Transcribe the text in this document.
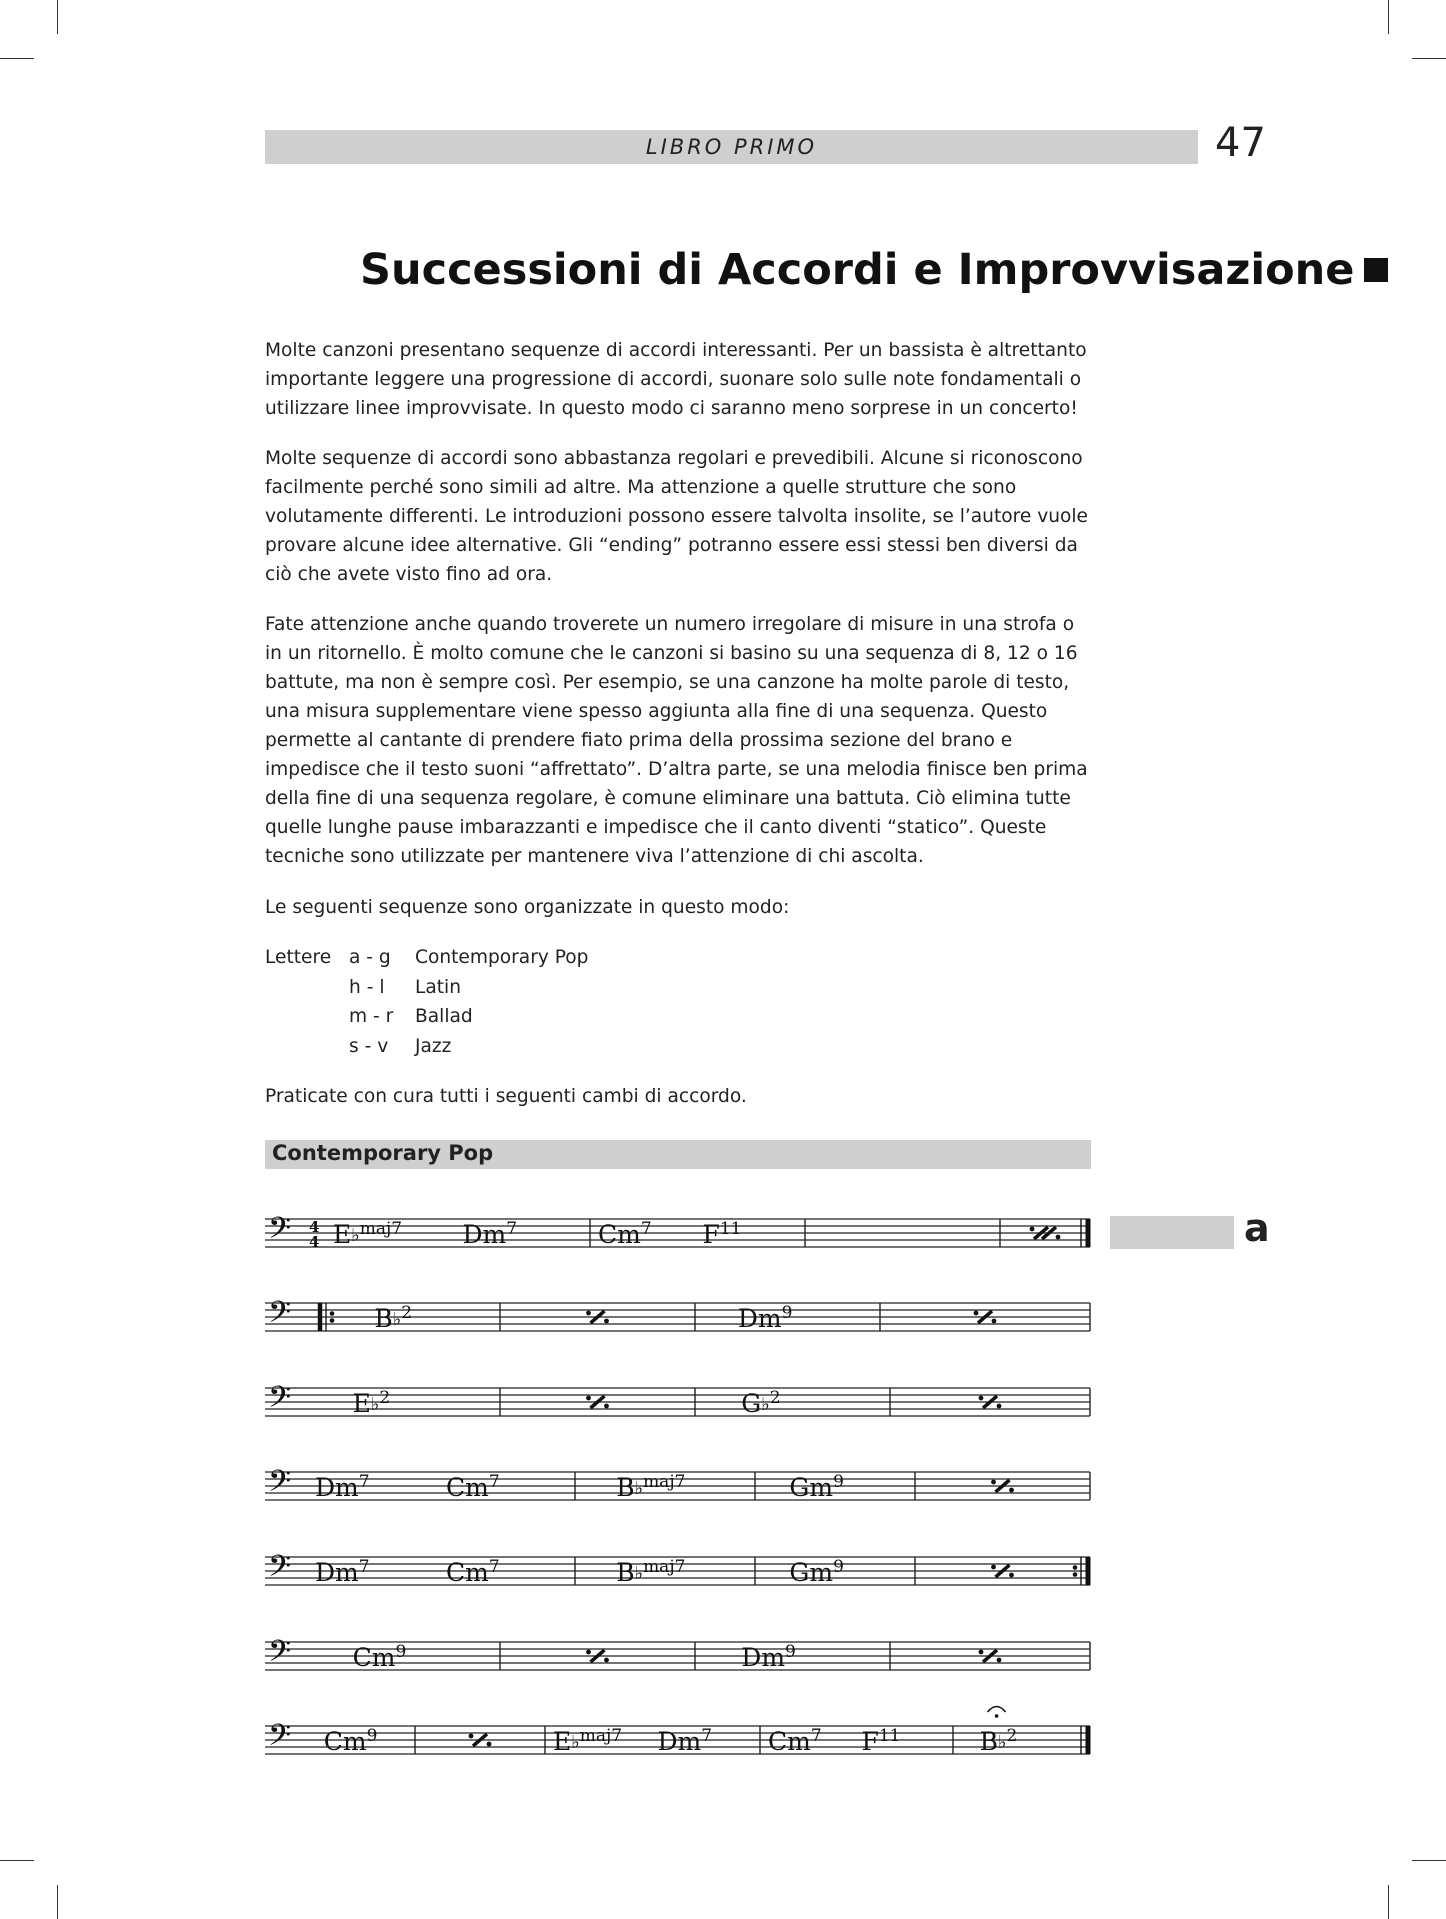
LIBRO PRIMO	47
Successioni di Accordi e Improvvisazione
Molte canzoni presentano sequenze di accordi interessanti. Per un bassista è altrettanto importante leggere una progressione di accordi, suonare solo sulle note fondamentali o utilizzare linee improvvisate. In questo modo ci saranno meno sorprese in un concerto!
Molte sequenze di accordi sono abbastanza regolari e prevedibili. Alcune si riconoscono facilmente perché sono simili ad altre. Ma attenzione a quelle strutture che sono volutamente differenti. Le introduzioni possono essere talvolta insolite, se l’autore vuole provare alcune idee alternative. Gli “ending” potranno essere essi stessi ben diversi da ciò che avete visto fino ad ora.
Fate attenzione anche quando troverete un numero irregolare di misure in una strofa o in un ritornello. È molto comune che le canzoni si basino su una sequenza di 8, 12 o 16 battute, ma non è sempre così. Per esempio, se una canzone ha molte parole di testo, una misura supplementare viene spesso aggiunta alla fine di una sequenza. Questo permette al cantante di prendere fiato prima della prossima sezione del brano e impedisce che il testo suoni “affrettato”. D’altra parte, se una melodia finisce ben prima della fine di una sequenza regolare, è comune eliminare una battuta. Ciò elimina tutte quelle lunghe pause imbarazzanti e impedisce che il canto diventi “statico”. Queste tecniche sono utilizzate per mantenere viva l’attenzione di chi ascolta.
Le seguenti sequenze sono organizzate in questo modo:
Lettere a - g	Contemporary Pop
h - l	Latin
m - r	Ballad
s - v	Jazz
Praticate con cura tutti i seguenti cambi di accordo.
Contemporary Pop
a
𝄢 4
4 E♭$^{maj7}$ Dm$^7$	Cm$^7$ $F^{11}$
𝄢	B♭$^2$	Dm$^9$
𝄢 E♭$^2$	G♭$^2$
𝄢 Dm$^7$	Cm$^7$	B♭$^{maj7}$	Gm$^9$
𝄢 Dm$^7$	Cm$^7$	B♭$^{maj7}$	Gm$^9$
𝄢 Cm$^9$	Dm$^9$
𝄢 Cm$^9$	E♭$^{maj7}$ Dm$^7$ Cm$^7$ $F^{11}$	B♭$^2$
